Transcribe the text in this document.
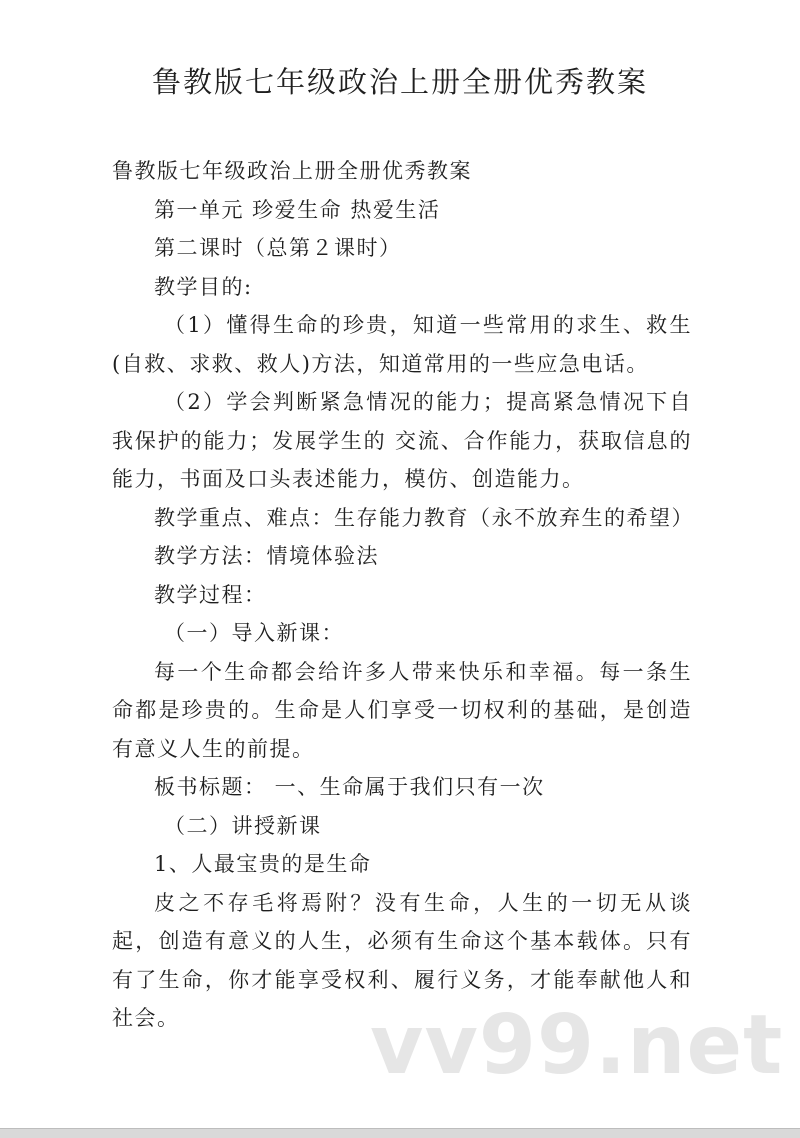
鲁教版七年级政治上册全册优秀教案

鲁教版七年级政治上册全册优秀教案

第一单元 珍爱生命 热爱生活

第二课时（总第２课时）

教学目的:

（1）懂得生命的珍贵，知道一些常用的求生、救生(自救、求救、救人)方法，知道常用的一些应急电话。

（2）学会判断紧急情况的能力；提高紧急情况下自我保护的能力；发展学生的 交流、合作能力，获取信息的能力，书面及口头表述能力，模仿、创造能力。

教学重点、难点：生存能力教育（永不放弃生的希望）

教学方法：情境体验法

教学过程：

（一）导入新课：

每一个生命都会给许多人带来快乐和幸福。每一条生命都是珍贵的。生命是人们享受一切权利的基础，是创造有意义人生的前提。

板书标题： 一、生命属于我们只有一次

（二）讲授新课

1、人最宝贵的是生命

皮之不存毛将焉附？没有生命，人生的一切无从谈起，创造有意义的人生，必须有生命这个基本载体。只有有了生命，你才能享受权利、履行义务，才能奉献他人和社会。	vv99.net
